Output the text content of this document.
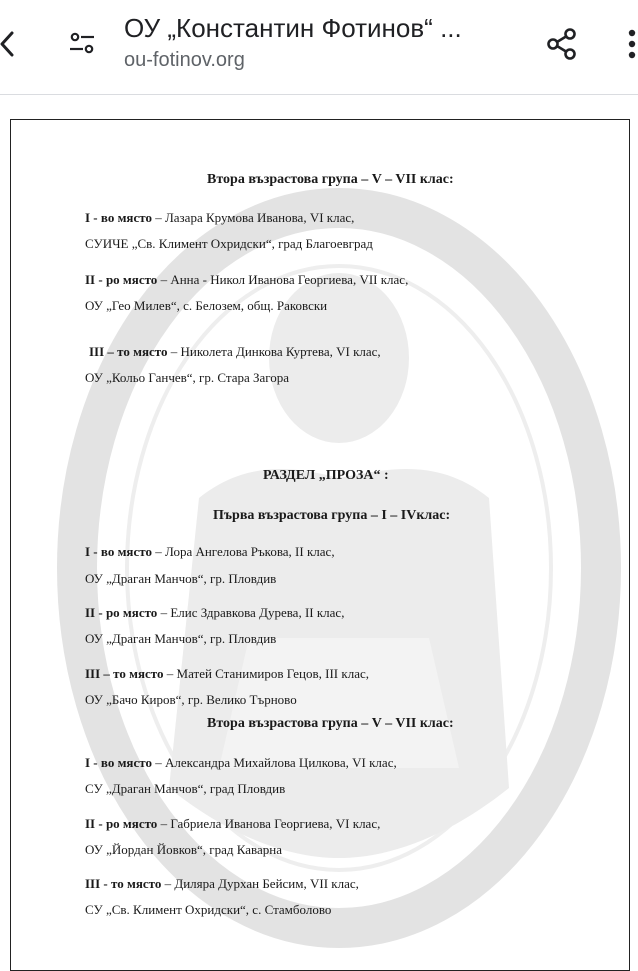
ОУ „Константин Фотинов“ ...
ou-fotinov.org
Втора възрастова група – V – VII клас:
I - во място – Лазара Крумова Иванова, VI клас,
СУИЧЕ „Св. Климент Охридски“, град Благоевград
II - ро място – Анна - Никол Иванова Георгиева, VII клас,
ОУ „Гео Милев“, с. Белозем, общ. Раковски
III – то място – Николета Динкова Куртева, VI клас,
ОУ „Кольо Ганчев“, гр. Стара Загора
РАЗДЕЛ „ПРОЗА“ :
Първа възрастова група – I – IVклас:
I - во място – Лора Ангелова Ръкова, II клас,
ОУ „Драган Манчов“, гр. Пловдив
II - ро място – Елис Здравкова Дурева, II клас,
ОУ „Драган Манчов“, гр. Пловдив
III – то място – Матей Станимиров Гецов, III клас,
ОУ „Бачо Киров“, гр. Велико Търново
Втора възрастова група – V – VII клас:
I - во място – Александра Михайлова Цилкова, VI клас,
СУ „Драган Манчов“, град Пловдив
II - ро място – Габриела Иванова Георгиева, VI клас,
ОУ „Йордан Йовков“, град Каварна
III - то място – Диляра Дурхан Бейсим, VII клас,
СУ „Св. Климент Охридски“, с. Стамболово
